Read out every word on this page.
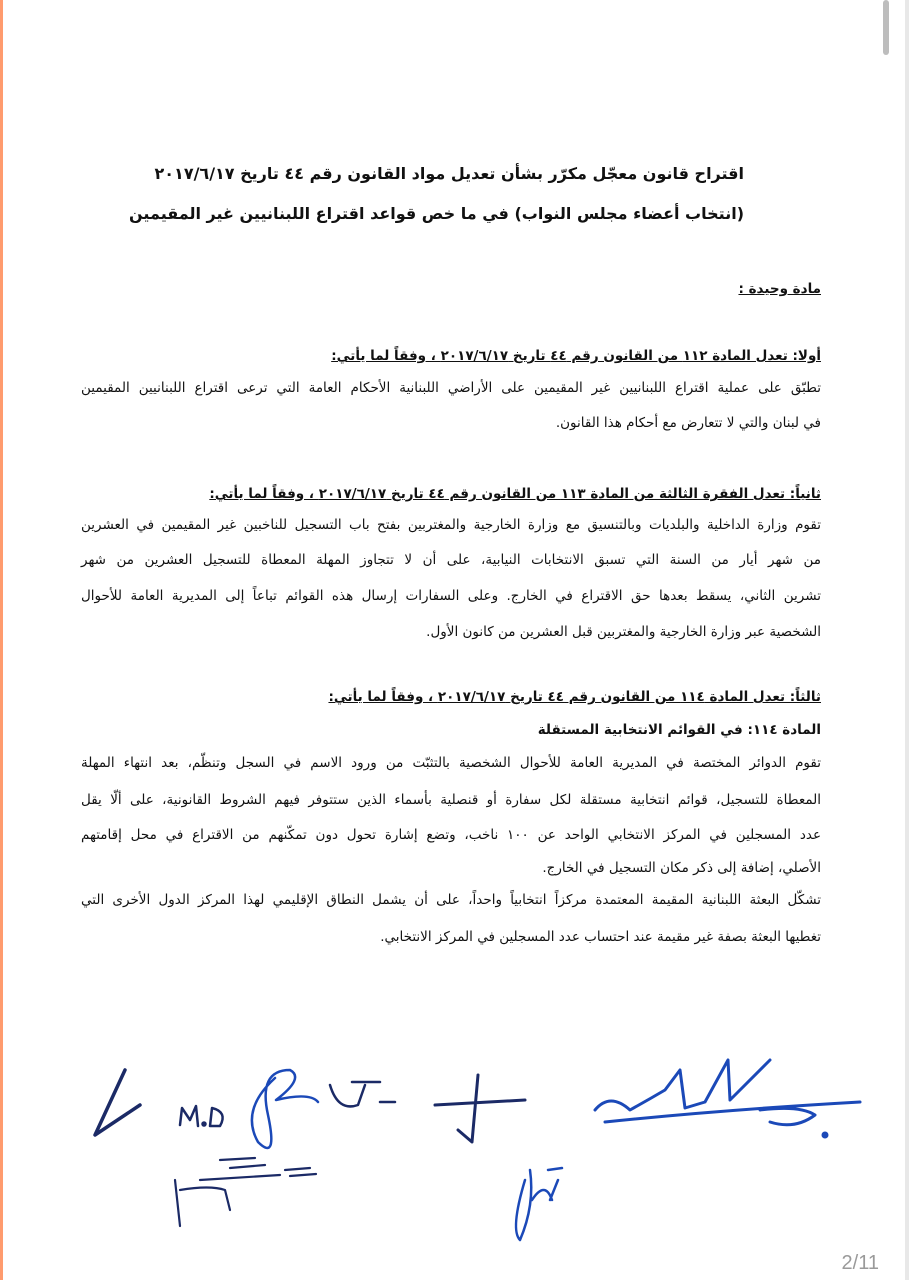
اقتراح قانون معجّل مكرّر بشأن تعديل مواد القانون رقم ٤٤ تاريخ ٢٠١٧/٦/١٧
(انتخاب أعضاء مجلس النواب) في ما خص قواعد اقتراع اللبنانيين غير المقيمين
مادة وحيدة :
أولا: تعدل المادة ١١٢ من القانون رقم ٤٤ تاريخ ٢٠١٧/٦/١٧ ، وفقاً لما يأتي:
تطبّق على عملية اقتراع اللبنانيين غير المقيمين على الأراضي اللبنانية الأحكام العامة التي ترعى اقتراع اللبنانيين المقيمين
في لبنان والتي لا تتعارض مع أحكام هذا القانون.
ثانياً: تعدل الفقرة الثالثة من المادة ١١٣ من القانون رقم ٤٤ تاريخ ٢٠١٧/٦/١٧ ، وفقاً لما يأتي:
تقوم وزارة الداخلية والبلديات وبالتنسيق مع وزارة الخارجية والمغتربين بفتح باب التسجيل للناخبين غير المقيمين في العشرين
من شهر أيار من السنة التي تسبق الانتخابات النيابية، على أن لا تتجاوز المهلة المعطاة للتسجيل العشرين من شهر
تشرين الثاني، يسقط بعدها حق الاقتراع في الخارج. وعلى السفارات إرسال هذه القوائم تباعاً إلى المديرية العامة للأحوال
الشخصية عبر وزارة الخارجية والمغتربين قبل العشرين من كانون الأول.
ثالثاً: تعدل المادة ١١٤ من القانون رقم ٤٤ تاريخ ٢٠١٧/٦/١٧ ، وفقاً لما يأتي:
المادة ١١٤: في القوائم الانتخابية المستقلة
تقوم الدوائر المختصة في المديرية العامة للأحوال الشخصية بالتثبّت من ورود الاسم في السجل وتنظّم، بعد انتهاء المهلة
المعطاة للتسجيل، قوائم انتخابية مستقلة لكل سفارة أو قنصلية بأسماء الذين ستتوفر فيهم الشروط القانونية، على ألّا يقل
عدد المسجلين في المركز الانتخابي الواحد عن ١٠٠ ناخب، وتضع إشارة تحول دون تمكّنهم من الاقتراع في محل إقامتهم
الأصلي، إضافة إلى ذكر مكان التسجيل في الخارج.
تشكّل البعثة اللبنانية المقيمة المعتمدة مركزاً انتخابياً واحداً، على أن يشمل النطاق الإقليمي لهذا المركز الدول الأخرى التي
تغطيها البعثة بصفة غير مقيمة عند احتساب عدد المسجلين في المركز الانتخابي.
2/11
